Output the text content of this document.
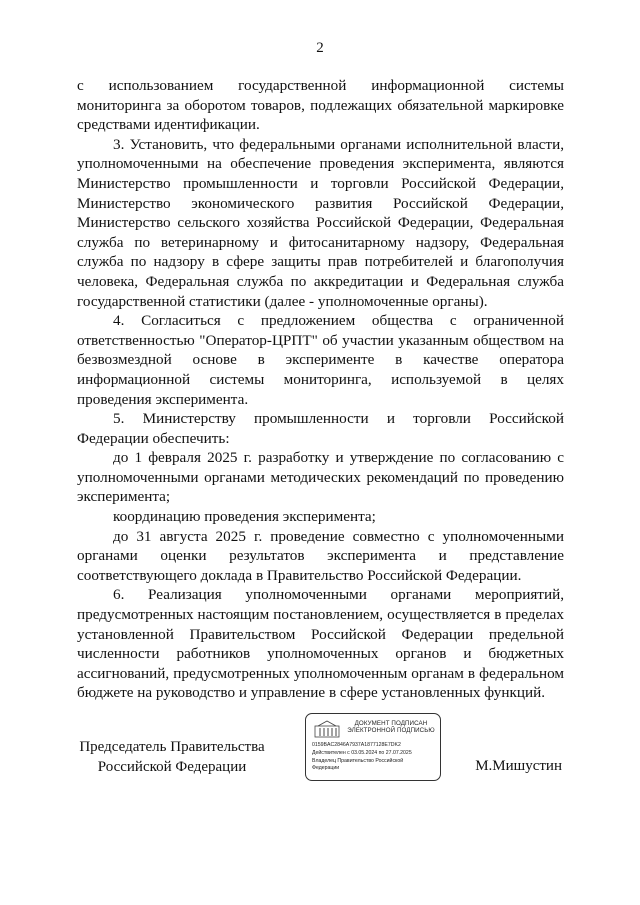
2

с использованием государственной информационной системы мониторинга за оборотом товаров, подлежащих обязательной маркировке средствами идентификации.

3. Установить, что федеральными органами исполнительной власти, уполномоченными на обеспечение проведения эксперимента, являются Министерство промышленности и торговли Российской Федерации, Министерство экономического развития Российской Федерации, Министерство сельского хозяйства Российской Федерации, Федеральная служба по ветеринарному и фитосанитарному надзору, Федеральная служба по надзору в сфере защиты прав потребителей и благополучия человека, Федеральная служба по аккредитации и Федеральная служба государственной статистики (далее - уполномоченные органы).

4. Согласиться с предложением общества с ограниченной ответственностью "Оператор-ЦРПТ" об участии указанным обществом на безвозмездной основе в эксперименте в качестве оператора информационной системы мониторинга, используемой в целях проведения эксперимента.

5. Министерству промышленности и торговли Российской Федерации обеспечить:

до 1 февраля 2025 г. разработку и утверждение по согласованию с уполномоченными органами методических рекомендаций по проведению эксперимента;

координацию проведения эксперимента;

до 31 августа 2025 г. проведение совместно с уполномоченными органами оценки результатов эксперимента и представление соответствующего доклада в Правительство Российской Федерации.

6. Реализация уполномоченными органами мероприятий, предусмотренных настоящим постановлением, осуществляется в пределах установленной Правительством Российской Федерации предельной численности работников уполномоченных органов и бюджетных ассигнований, предусмотренных уполномоченным органам в федеральном бюджете на руководство и управление в сфере установленных функций.

Председатель Правительства
Российской Федерации
ДОКУМЕНТ ПОДПИСАН
ЭЛЕКТРОННОЙ ПОДПИСЬЮ
0159BAC2846A7937A1877128E7DK2
Действителен с 03.05.2024 по 27.07.2025
Владелец Правительство Российской
Федерации	М.Мишустин
